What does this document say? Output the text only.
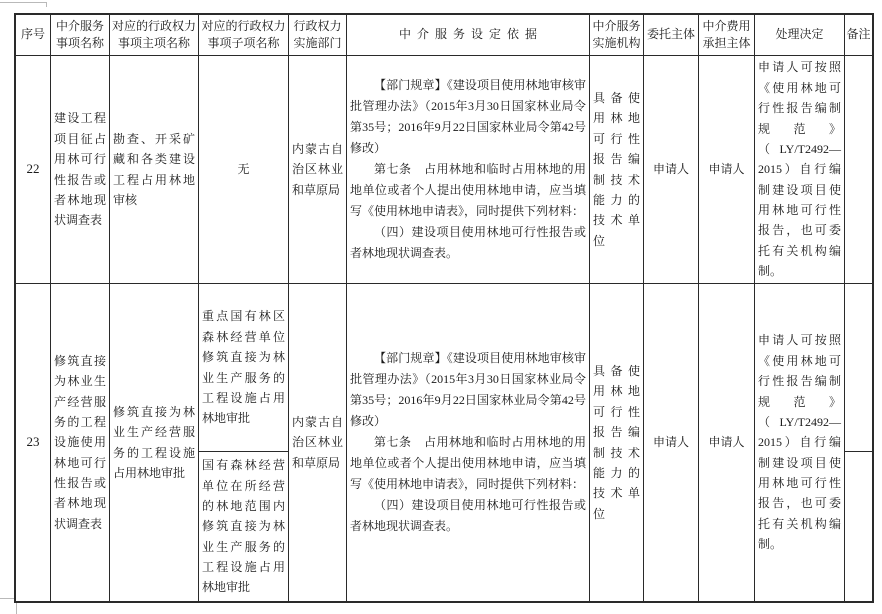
序号
中介服务事项名称
对应的行政权力事项主项名称
对应的行政权力事项子项名称
行政权力实施部门
中介服务设定依据
中介服务实施机构
委托主体
中介费用承担主体
处理决定 备注
22
建设工程项目征占用林可行性报告或者林地现状调查表
勘查、开采矿藏和各类建设工程占用林地审核
无
内蒙古自治区林业和草原局

【部门规章】《建设项目使用林地审核审批管理办法》（2015年3月30日国家林业局令第35号；2016年9月22日国家林业局令第42号修改）

第七条　占用林地和临时占用林地的用地单位或者个人提出使用林地申请，应当填写《使用林地申请表》，同时提供下列材料：

（四）建设项目使用林地可行性报告或者林地现状调查表。

具备使用林地可行性报告编制技术能力的技术单位
申请人	申请人
申请人可按照《使用林地可行性报告编制规范》（LY/T2492—2015）自行编制建设项目使用林地可行性报告，也可委托有关机构编制。
23
修筑直接为林业生产经营服务的工程设施使用林地可行性报告或者林地现状调查表
修筑直接为林业生产经营服务的工程设施占用林地审批
重点国有林区森林经营单位修筑直接为林业生产服务的工程设施占用林地审批
国有森林经营单位在所经营的林地范围内修筑直接为林业生产服务的工程设施占用林地审批
内蒙古自治区林业和草原局

【部门规章】《建设项目使用林地审核审批管理办法》（2015年3月30日国家林业局令第35号；2016年9月22日国家林业局令第42号修改）

第七条　占用林地和临时占用林地的用地单位或者个人提出使用林地申请，应当填写《使用林地申请表》，同时提供下列材料：

（四）建设项目使用林地可行性报告或者林地现状调查表。

具备使用林地可行性报告编制技术能力的技术单位
申请人	申请人
申请人可按照《使用林地可行性报告编制规范》（LY/T2492—2015）自行编制建设项目使用林地可行性报告，也可委托有关机构编制。
